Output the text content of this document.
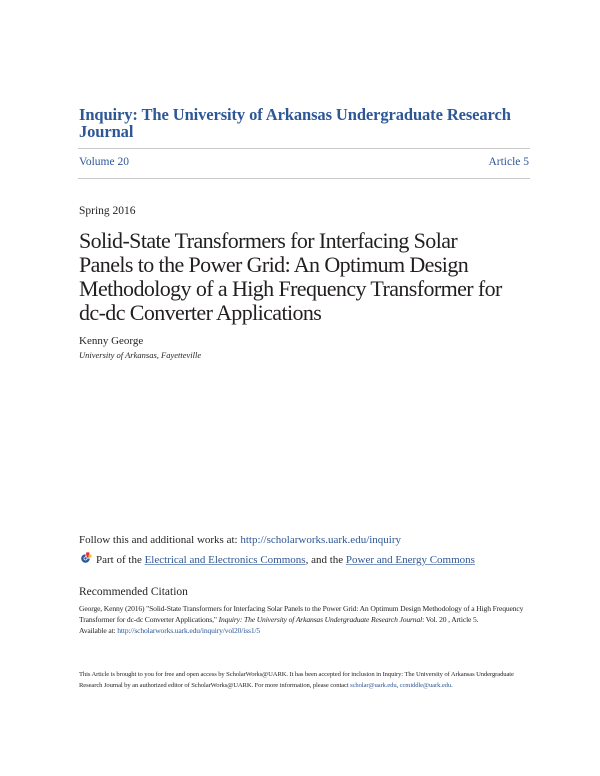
Inquiry: The University of Arkansas Undergraduate Research Journal
Volume 20	Article 5
Spring 2016
Solid-State Transformers for Interfacing Solar
Panels to the Power Grid: An Optimum Design
Methodology of a High Frequency Transformer for
dc-dc Converter Applications
Kenny George
University of Arkansas, Fayetteville
Follow this and additional works at: http://scholarworks.uark.edu/inquiry
Part of the
Electrical and Electronics Commons , and the Power and Energy Commons
Recommended Citation
George, Kenny (2016) "Solid-State Transformers for Interfacing Solar Panels to the Power Grid: An Optimum Design Methodology of a High Frequency Transformer for dc-dc Converter Applications," Inquiry: The University of Arkansas Undergraduate Research Journal: Vol. 20 , Article 5.
Available at: http://scholarworks.uark.edu/inquiry/vol20/iss1/5
This Article is brought to you for free and open access by ScholarWorks@UARK. It has been accepted for inclusion in Inquiry: The University of Arkansas Undergraduate Research Journal by an authorized editor of ScholarWorks@UARK. For more information, please contact scholar@uark.edu, ccmiddle@uark.edu.
